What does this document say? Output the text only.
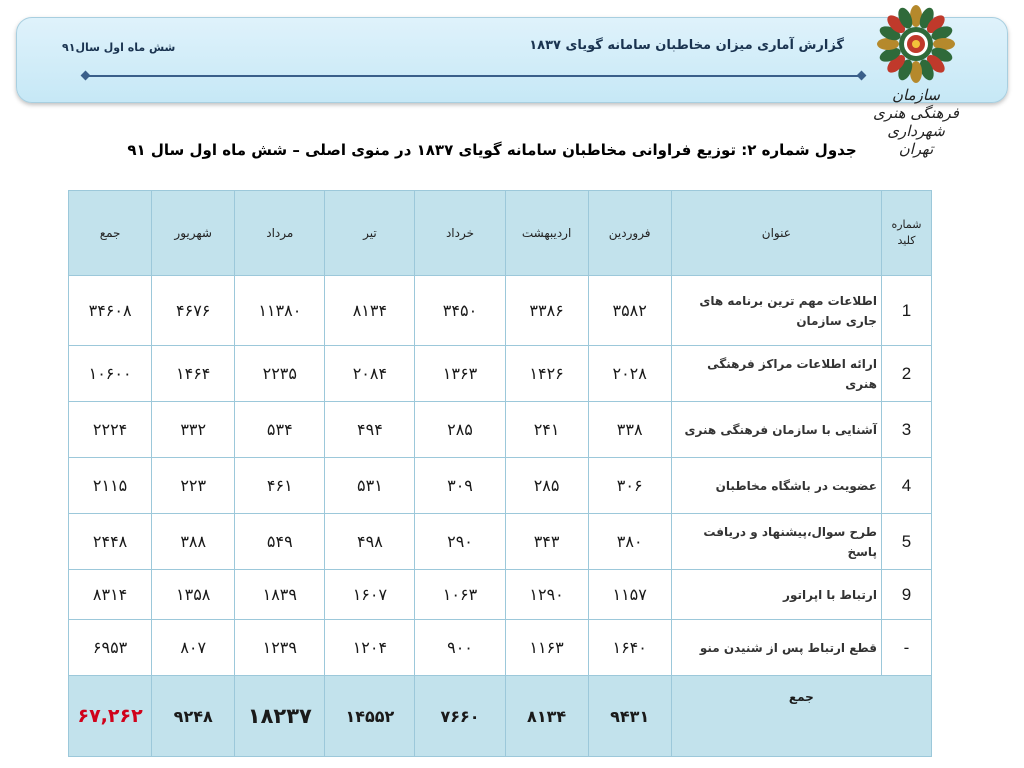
گزارش آماری میزان مخاطبان سامانه گویای ۱۸۳۷
شش ماه اول سال۹۱
سازمان فرهنگی هنری شهرداری تهران
جدول شماره ۲: توزیع فراوانی مخاطبان سامانه گویای ۱۸۳۷ در منوی اصلی – شش ماه اول سال ۹۱
شماره کلید	عنوان	فروردین	اردیبهشت	خرداد	تیر	مرداد	شهریور	جمع
1	اطلاعات مهم ترین برنامه های جاری سازمان	۳۵۸۲	۳۳۸۶	۳۴۵۰	۸۱۳۴	۱۱۳۸۰	۴۶۷۶	۳۴۶۰۸
2	ارائه اطلاعات مراکز فرهنگی هنری	۲۰۲۸	۱۴۲۶	۱۳۶۳	۲۰۸۴	۲۲۳۵	۱۴۶۴	۱۰۶۰۰
3	آشنایی با سازمان فرهنگی هنری	۳۳۸	۲۴۱	۲۸۵	۴۹۴	۵۳۴	۳۳۲	۲۲۲۴
4	عضویت در باشگاه مخاطبان	۳۰۶	۲۸۵	۳۰۹	۵۳۱	۴۶۱	۲۲۳	۲۱۱۵
5	طرح سوال،پیشنهاد و دریافت پاسخ	۳۸۰	۳۴۳	۲۹۰	۴۹۸	۵۴۹	۳۸۸	۲۴۴۸
9	ارتباط با اپراتور	۱۱۵۷	۱۲۹۰	۱۰۶۳	۱۶۰۷	۱۸۳۹	۱۳۵۸	۸۳۱۴
-	قطع ارتباط پس از شنیدن منو	۱۶۴۰	۱۱۶۳	۹۰۰	۱۲۰۴	۱۲۳۹	۸۰۷	۶۹۵۳
جمع		۹۴۳۱	۸۱۳۴	۷۶۶۰	۱۴۵۵۲	۱۸۲۳۷	۹۲۴۸	۶۷,۲۶۲
